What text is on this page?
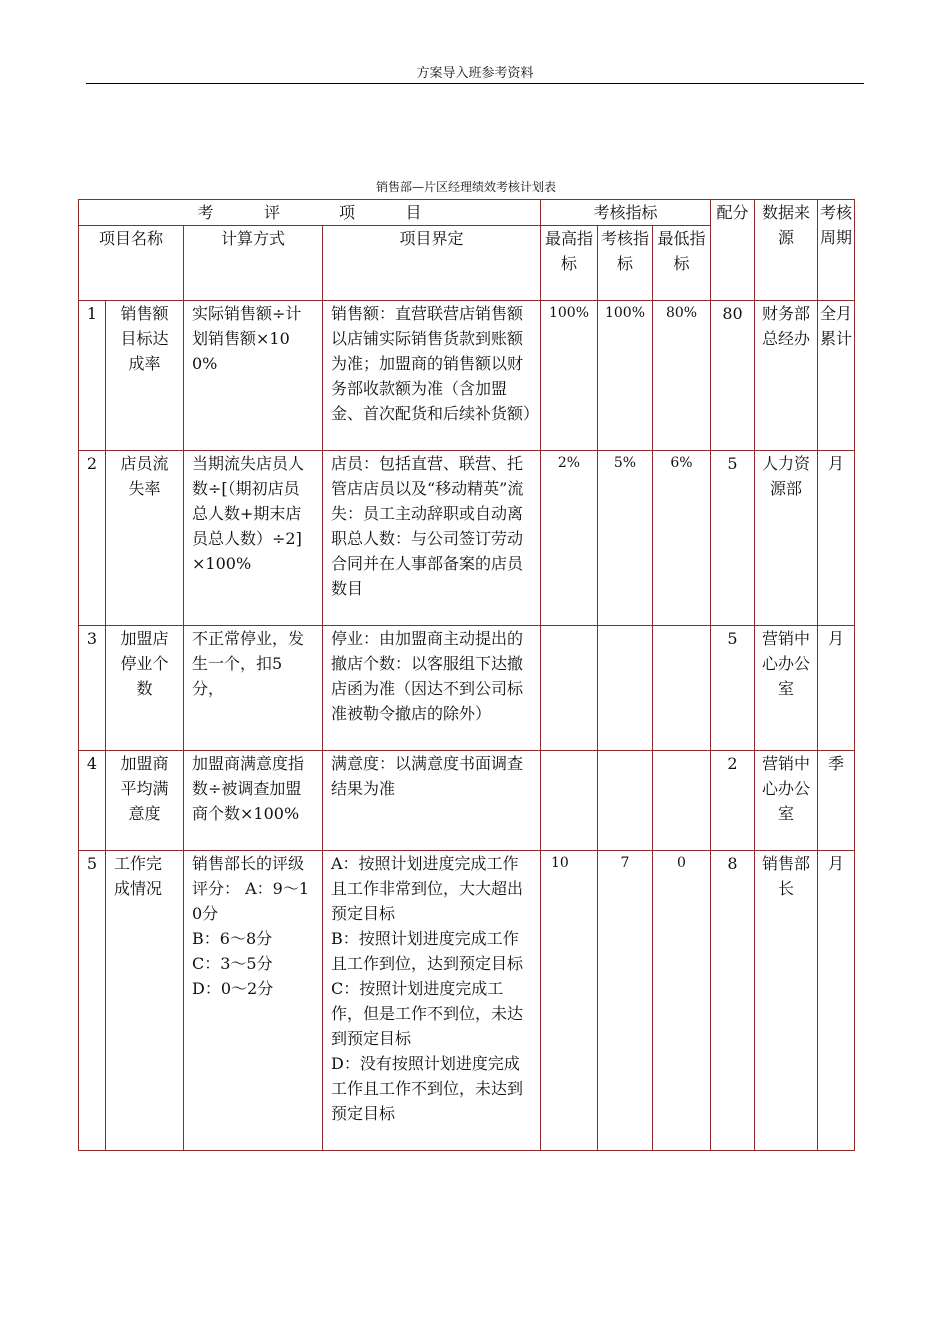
方案导入班参考资料
销售部—片区经理绩效考核计划表
考 评 项 目				考核指标			配分	数据来源	考核周期
项目名称		计算方式	项目界定	最高指标	考核指标	最低指标			
1	销售额目标达成率	实际销售额÷计划销售额×100%	销售额：直营联营店销售额以店铺实际销售货款到账额为准；加盟商的销售额以财务部收款额为准（含加盟金、首次配货和后续补货额）	100%	100%	80%	80	财务部总经办	全月累计
2	店员流失率	当期流失店员人数÷[（期初店员总人数+期末店员总人数）÷2]×100%	店员：包括直营、联营、托管店店员以及“移动精英”流失：员工主动辞职或自动离职总人数：与公司签订劳动合同并在人事部备案的店员数目	2%	5%	6%	5	人力资源部	月
3	加盟店停业个数	不正常停业，发生一个，扣5分，	停业：由加盟商主动提出的撤店个数：以客服组下达撤店函为准（因达不到公司标准被勒令撤店的除外）				5	营销中心办公室	月
4	加盟商平均满意度	加盟商满意度指数÷被调查加盟商个数×100%	满意度：以满意度书面调查结果为准				2	营销中心办公室	季
5	工作完成情况	销售部长的评级评分： A：9～10分
B：6～8分
C：3～5分
D：0～2分	A：按照计划进度完成工作且工作非常到位，大大超出预定目标
B：按照计划进度完成工作且工作到位，达到预定目标
C：按照计划进度完成工作，但是工作不到位，未达到预定目标
D：没有按照计划进度完成工作且工作不到位，未达到预定目标	10	7	0	8	销售部长	月
